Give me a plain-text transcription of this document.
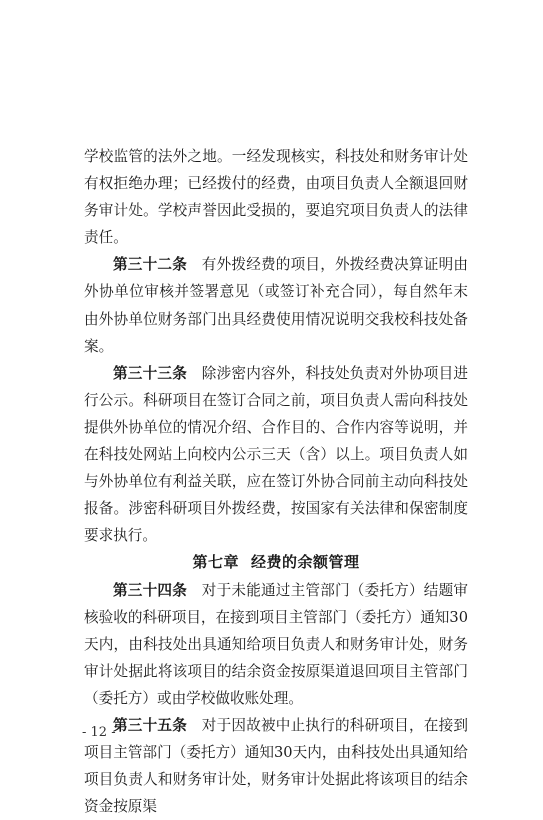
学校监管的法外之地。一经发现核实，科技处和财务审计处有权拒绝办理；已经拨付的经费，由项目负责人全额退回财务审计处。学校声誉因此受损的，要追究项目负责人的法律责任。

第三十二条  有外拨经费的项目，外拨经费决算证明由外协单位审核并签署意见（或签订补充合同），每自然年末由外协单位财务部门出具经费使用情况说明交我校科技处备案。

第三十三条  除涉密内容外，科技处负责对外协项目进行公示。科研项目在签订合同之前，项目负责人需向科技处提供外协单位的情况介绍、合作目的、合作内容等说明，并在科技处网站上向校内公示三天（含）以上。项目负责人如与外协单位有利益关联，应在签订外协合同前主动向科技处报备。涉密科研项目外拨经费，按国家有关法律和保密制度要求执行。

第七章 经费的余额管理

第三十四条  对于未能通过主管部门（委托方）结题审核验收的科研项目，在接到项目主管部门（委托方）通知30天内，由科技处出具通知给项目负责人和财务审计处，财务审计处据此将该项目的结余资金按原渠道退回项目主管部门（委托方）或由学校做收账处理。

第三十五条  对于因故被中止执行的科研项目，在接到项目主管部门（委托方）通知30天内，由科技处出具通知给项目负责人和财务审计处，财务审计处据此将该项目的结余资金按原渠

- 12 -
